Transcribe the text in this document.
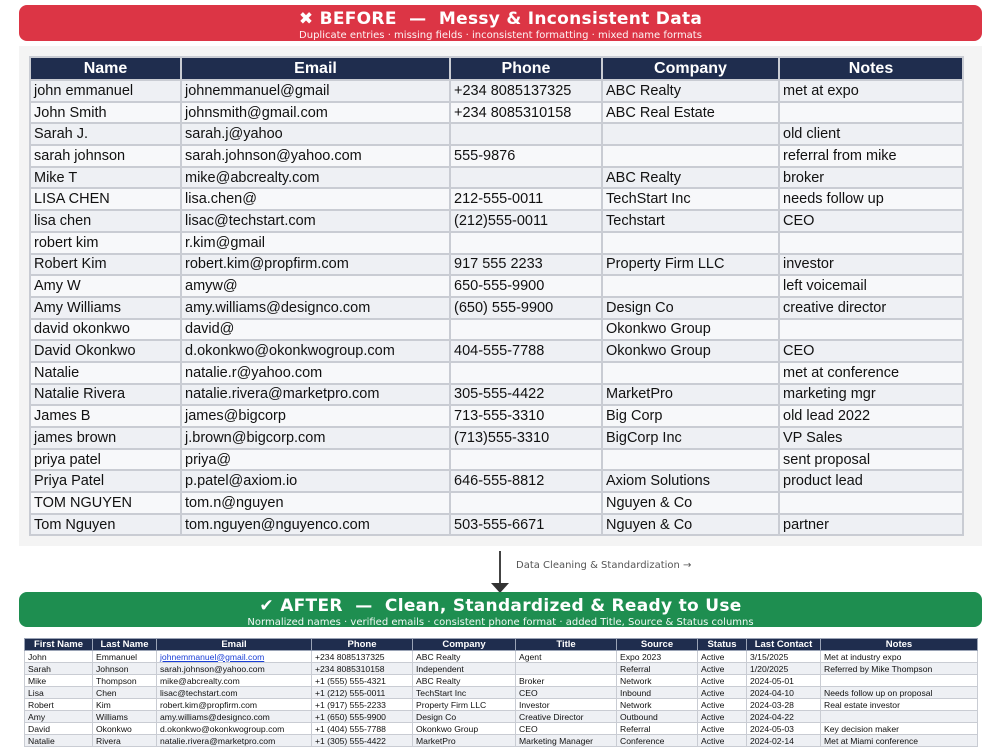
✖ BEFORE  —  Messy & Inconsistent Data
Duplicate entries · missing fields · inconsistent formatting · mixed name formats
Name	Email	Phone	Company	Notes
john emmanuel	johnemmanuel@gmail	+234 8085137325	ABC Realty	met at expo
John Smith	johnsmith@gmail.com	+234 8085310158	ABC Real Estate	
Sarah J.	sarah.j@yahoo			old client
sarah johnson	sarah.johnson@yahoo.com	555-9876		referral from mike
Mike T	mike@abcrealty.com		ABC Realty	broker
LISA CHEN	lisa.chen@	212-555-0011	TechStart Inc	needs follow up
lisa chen	lisac@techstart.com	(212)555-0011	Techstart	CEO
robert kim	r.kim@gmail			
Robert Kim	robert.kim@propfirm.com	917 555 2233	Property Firm LLC	investor
Amy W	amyw@	650-555-9900		left voicemail
Amy Williams	amy.williams@designco.com	(650) 555-9900	Design Co	creative director
david okonkwo	david@		Okonkwo Group	
David Okonkwo	d.okonkwo@okonkwogroup.com	404-555-7788	Okonkwo Group	CEO
Natalie	natalie.r@yahoo.com			met at conference
Natalie Rivera	natalie.rivera@marketpro.com	305-555-4422	MarketPro	marketing mgr
James B	james@bigcorp	713-555-3310	Big Corp	old lead 2022
james brown	j.brown@bigcorp.com	(713)555-3310	BigCorp Inc	VP Sales
priya patel	priya@			sent proposal
Priya Patel	p.patel@axiom.io	646-555-8812	Axiom Solutions	product lead
TOM NGUYEN	tom.n@nguyen		Nguyen & Co	
Tom Nguyen	tom.nguyen@nguyenco.com	503-555-6671	Nguyen & Co	partner
Data Cleaning & Standardization →
✔ AFTER  —  Clean, Standardized & Ready to Use
Normalized names · verified emails · consistent phone format · added Title, Source & Status columns
First Name	Last Name	Email	Phone	Company	Title	Source	Status	Last Contact	Notes
John	Emmanuel	johnemmanuel@gmail.com	+234 8085137325	ABC Realty	Agent	Expo 2023	Active	3/15/2025	Met at industry expo
Sarah	Johnson	sarah.johnson@yahoo.com	+234 8085310158	Independent		Referral	Active	1/20/2025	Referred by Mike Thompson
Mike	Thompson	mike@abcrealty.com	+1 (555) 555-4321	ABC Realty	Broker	Network	Active	2024-05-01	
Lisa	Chen	lisac@techstart.com	+1 (212) 555-0011	TechStart Inc	CEO	Inbound	Active	2024-04-10	Needs follow up on proposal
Robert	Kim	robert.kim@propfirm.com	+1 (917) 555-2233	Property Firm LLC	Investor	Network	Active	2024-03-28	Real estate investor
Amy	Williams	amy.williams@designco.com	+1 (650) 555-9900	Design Co	Creative Director	Outbound	Active	2024-04-22	
David	Okonkwo	d.okonkwo@okonkwogroup.com	+1 (404) 555-7788	Okonkwo Group	CEO	Referral	Active	2024-05-03	Key decision maker
Natalie	Rivera	natalie.rivera@marketpro.com	+1 (305) 555-4422	MarketPro	Marketing Manager	Conference	Active	2024-02-14	Met at Miami conference
